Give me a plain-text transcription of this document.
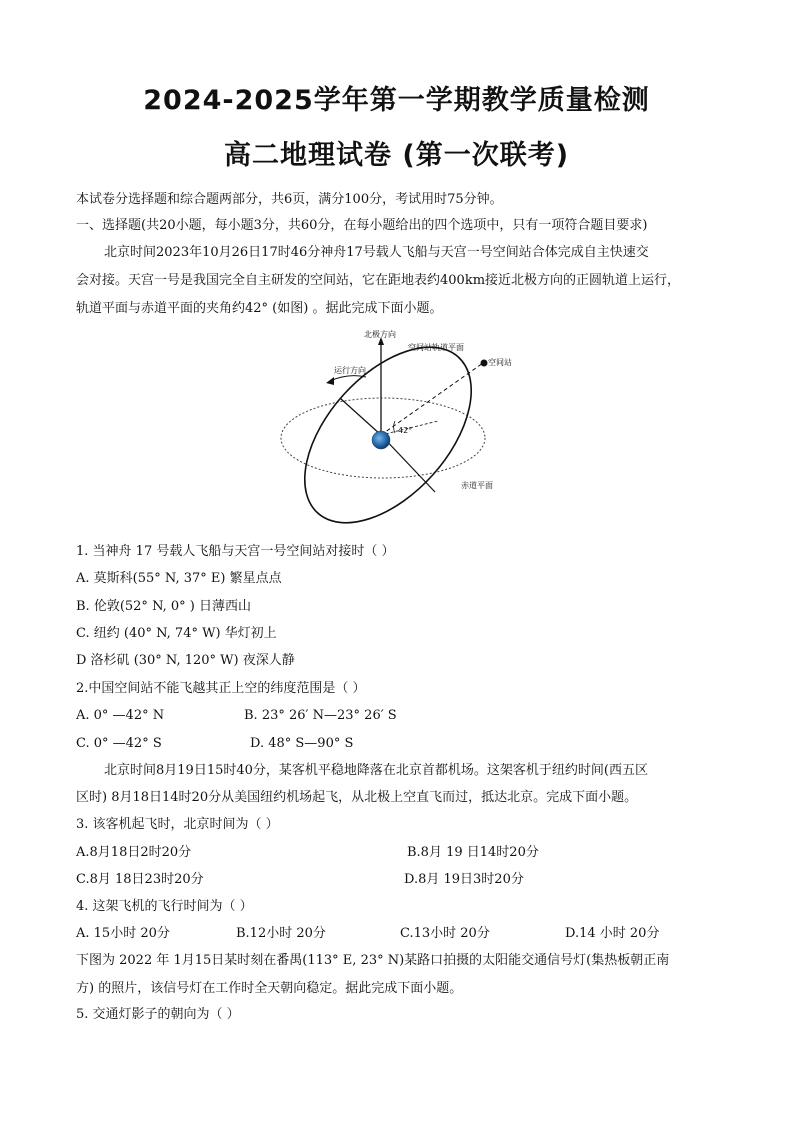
2024-2025学年第一学期教学质量检测
高二地理试卷 (第一次联考)
本试卷分选择题和综合题两部分，共6页，满分100分，考试用时75分钟。
一、选择题(共20小题，每小题3分，共60分，在每小题给出的四个选项中，只有一项符合题目要求)
北京时间2023年10月26日17时46分神舟17号载人飞船与天宫一号空间站合体完成自主快速交
会对接。天宫一号是我国完全自主研发的空间站，它在距地表约400km接近北极方向的正圆轨道上运行，
轨道平面与赤道平面的夹角约42° (如图) 。据此完成下面小题。
42°
北极方向
空间站轨道平面
空间站
运行方向
赤道平面
1. 当神舟 17 号载人飞船与天宫一号空间站对接时（ ）
A. 莫斯科(55° N, 37° E) 繁星点点
B. 伦敦(52° N, 0° ) 日薄西山
C. 纽约 (40° N, 74° W) 华灯初上
D 洛杉矶 (30° N, 120° W) 夜深人静
2.中国空间站不能飞越其正上空的纬度范围是（ ）
A. 0° —42° N	B. 23° 26′ N—23° 26′ S
C. 0° —42° S	D. 48° S—90° S
北京时间8月19日15时40分，某客机平稳地降落在北京首都机场。这架客机于纽约时间(西五区
区时) 8月18日14时20分从美国纽约机场起飞，从北极上空直飞而过，抵达北京。完成下面小题。
3. 该客机起飞时，北京时间为（ ）
A.8月18日2时20分	B.8月 19 日14时20分
C.8月 18日23时20分	D.8月 19日3时20分
4. 这架飞机的飞行时间为（ ）
A. 15小时 20分	B.12小时 20分	C.13小时 20分	D.14 小时 20分
下图为 2022 年 1月15日某时刻在番禺(113° E, 23° N)某路口拍摄的太阳能交通信号灯(集热板朝正南
方) 的照片，该信号灯在工作时全天朝向稳定。据此完成下面小题。
5. 交通灯影子的朝向为（ ）
